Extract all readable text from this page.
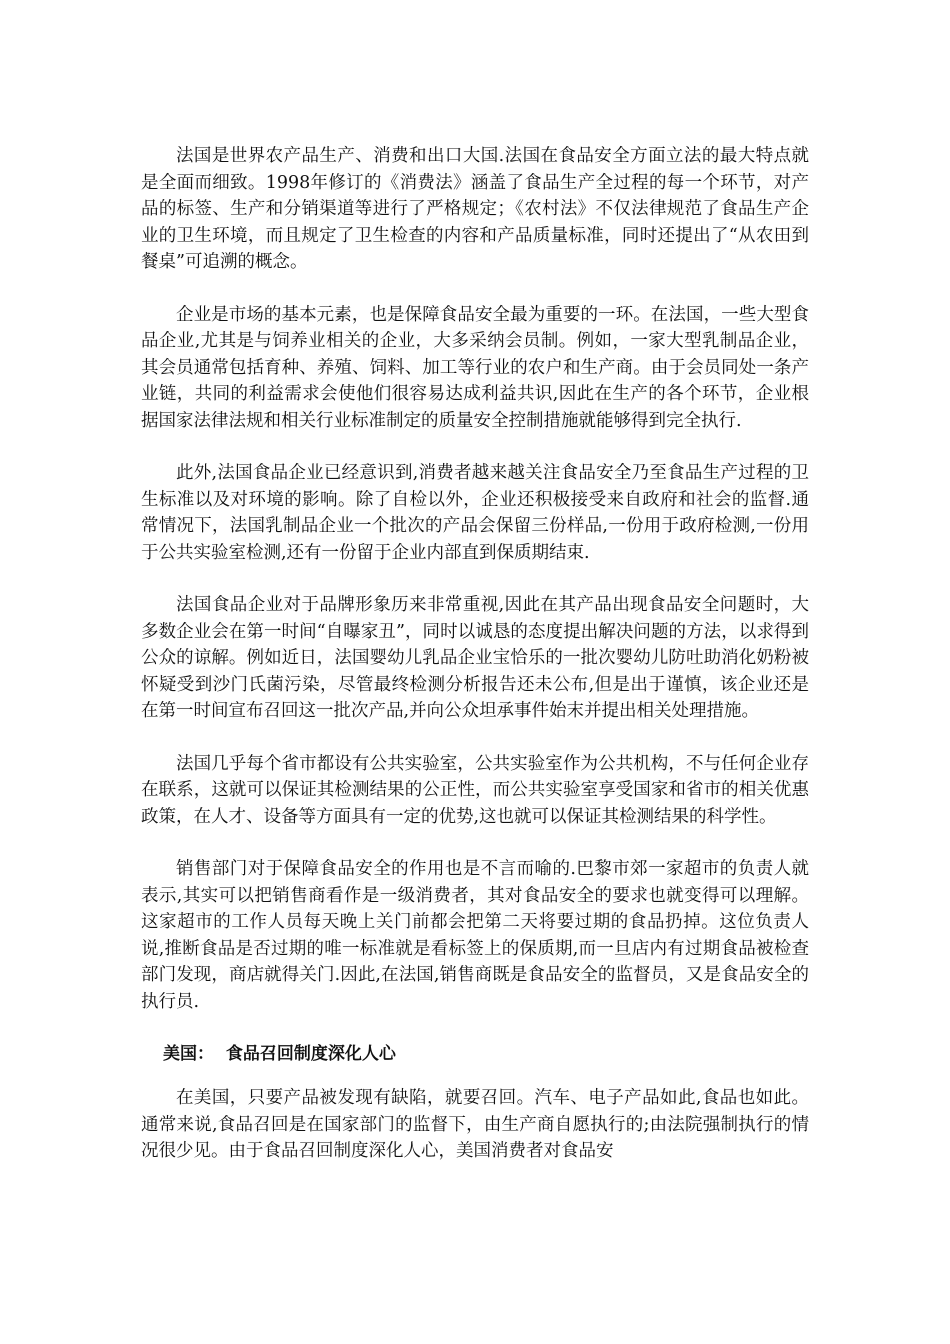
法国是世界农产品生产、消费和出口大国.法国在食品安全方面立法的最大特点就是全面而细致。1998年修订的《消费法》涵盖了食品生产全过程的每一个环节，对产品的标签、生产和分销渠道等进行了严格规定；《农村法》不仅法律规范了食品生产企业的卫生环境，而且规定了卫生检查的内容和产品质量标准，同时还提出了“从农田到餐桌”可追溯的概念。

企业是市场的基本元素，也是保障食品安全最为重要的一环。在法国，一些大型食品企业,尤其是与饲养业相关的企业，大多采纳会员制。例如，一家大型乳制品企业，其会员通常包括育种、养殖、饲料、加工等行业的农户和生产商。由于会员同处一条产业链，共同的利益需求会使他们很容易达成利益共识,因此在生产的各个环节，企业根据国家法律法规和相关行业标准制定的质量安全控制措施就能够得到完全执行.

此外,法国食品企业已经意识到,消费者越来越关注食品安全乃至食品生产过程的卫生标准以及对环境的影响。除了自检以外，企业还积极接受来自政府和社会的监督.通常情况下，法国乳制品企业一个批次的产品会保留三份样品,一份用于政府检测,一份用于公共实验室检测,还有一份留于企业内部直到保质期结束.

法国食品企业对于品牌形象历来非常重视,因此在其产品出现食品安全问题时，大多数企业会在第一时间“自曝家丑”，同时以诚恳的态度提出解决问题的方法，以求得到公众的谅解。例如近日，法国婴幼儿乳品企业宝恰乐的一批次婴幼儿防吐助消化奶粉被怀疑受到沙门氏菌污染，尽管最终检测分析报告还未公布,但是出于谨慎，该企业还是在第一时间宣布召回这一批次产品,并向公众坦承事件始末并提出相关处理措施。

法国几乎每个省市都设有公共实验室，公共实验室作为公共机构，不与任何企业存在联系，这就可以保证其检测结果的公正性，而公共实验室享受国家和省市的相关优惠政策，在人才、设备等方面具有一定的优势,这也就可以保证其检测结果的科学性。

销售部门对于保障食品安全的作用也是不言而喻的.巴黎市郊一家超市的负责人就表示,其实可以把销售商看作是一级消费者，其对食品安全的要求也就变得可以理解。这家超市的工作人员每天晚上关门前都会把第二天将要过期的食品扔掉。这位负责人说,推断食品是否过期的唯一标准就是看标签上的保质期,而一旦店内有过期食品被检查部门发现，商店就得关门.因此,在法国,销售商既是食品安全的监督员，又是食品安全的执行员.

美国：  食品召回制度深化人心

在美国，只要产品被发现有缺陷，就要召回。汽车、电子产品如此,食品也如此。通常来说,食品召回是在国家部门的监督下，由生产商自愿执行的;由法院强制执行的情况很少见。由于食品召回制度深化人心，美国消费者对食品安
